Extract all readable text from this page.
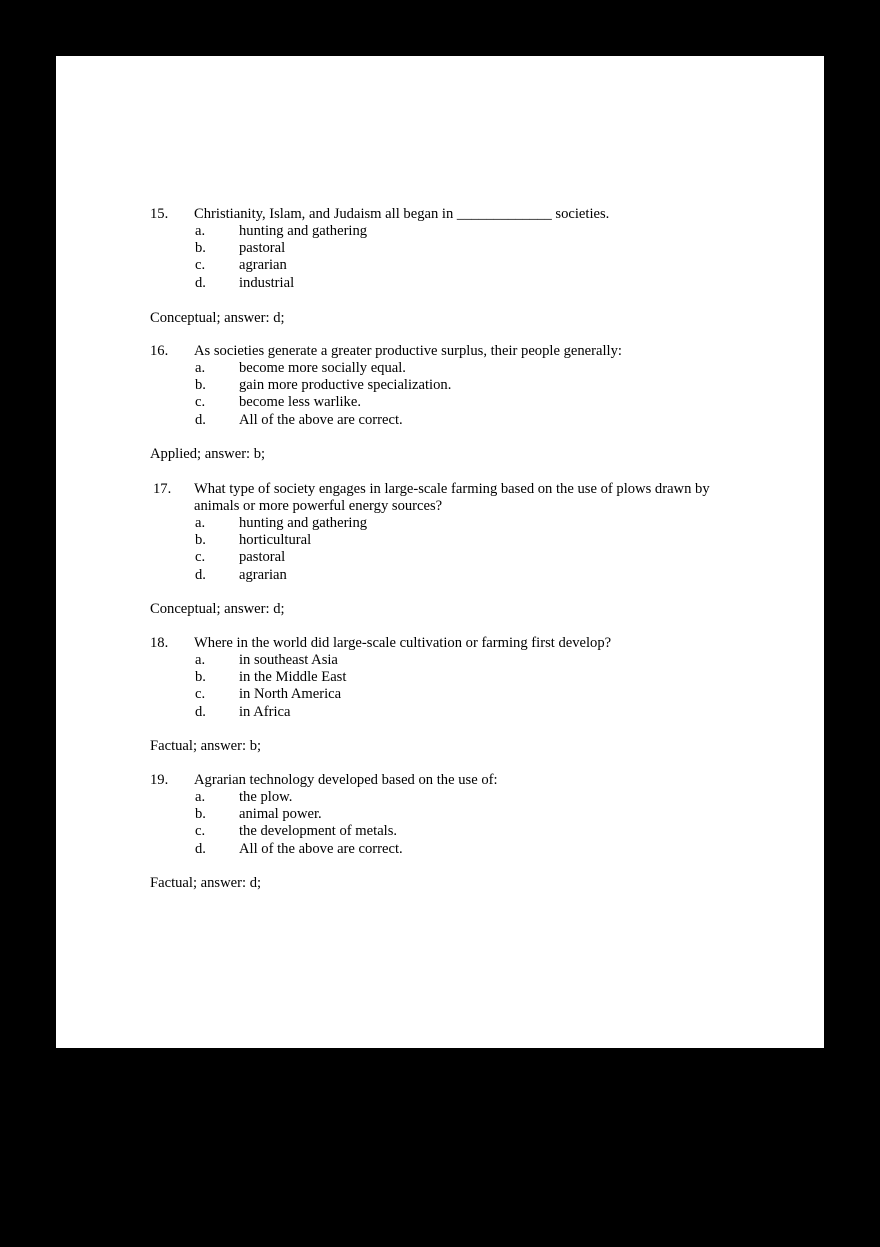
15. Christianity, Islam, and Judaism all began in _____________ societies.
a. hunting and gathering
b. pastoral
c. agrarian
d. industrial
Conceptual; answer: d;
16. As societies generate a greater productive surplus, their people generally:
a. become more socially equal.
b. gain more productive specialization.
c. become less warlike.
d. All of the above are correct.
Applied; answer: b;
17. What type of society engages in large-scale farming based on the use of plows drawn by
animals or more powerful energy sources?
a. hunting and gathering
b. horticultural
c. pastoral
d. agrarian
Conceptual; answer: d;
18. Where in the world did large-scale cultivation or farming first develop?
a. in southeast Asia
b. in the Middle East
c. in North America
d. in Africa
Factual; answer: b;
19. Agrarian technology developed based on the use of:
a. the plow.
b. animal power.
c. the development of metals.
d. All of the above are correct.
Factual; answer: d;
